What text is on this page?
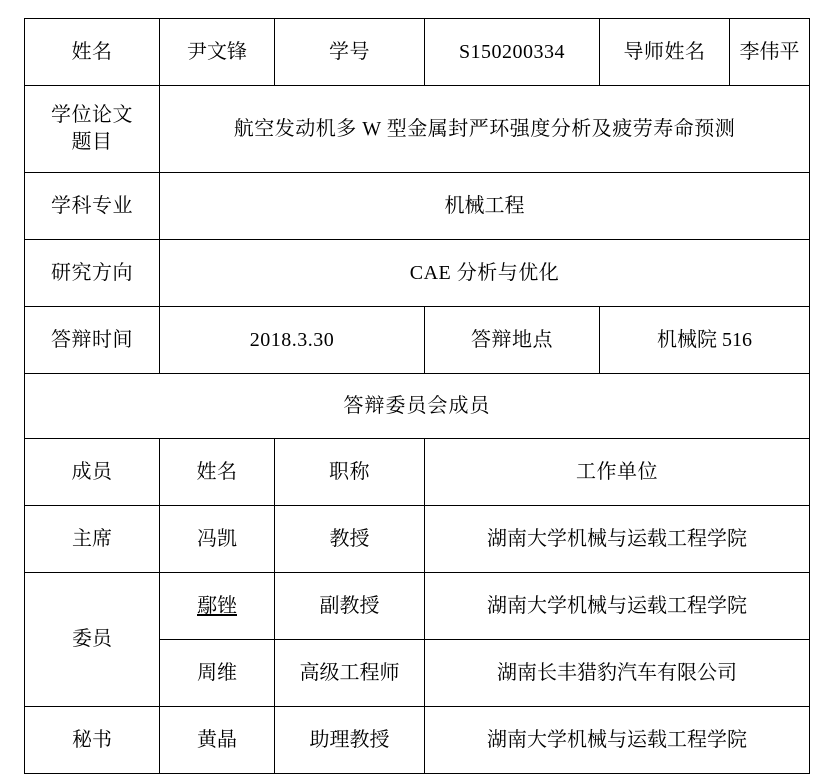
姓名	尹文锋	学号	S150200334	导师姓名	李伟平

学位论文
题目	航空发动机多 W 型金属封严环强度分析及疲劳寿命预测				
学科专业	机械工程				
研究方向	CAE 分析与优化				
答辩时间	2018.3.30		答辩地点	机械院 516	
答辩委员会成员					
成员	姓名	职称	工作单位		
主席	冯凯	教授	湖南大学机械与运载工程学院		
委员	鄢锉	副教授	湖南大学机械与运载工程学院		
	周维	高级工程师	湖南长丰猎豹汽车有限公司		
秘书	黄晶	助理教授	湖南大学机械与运载工程学院		
